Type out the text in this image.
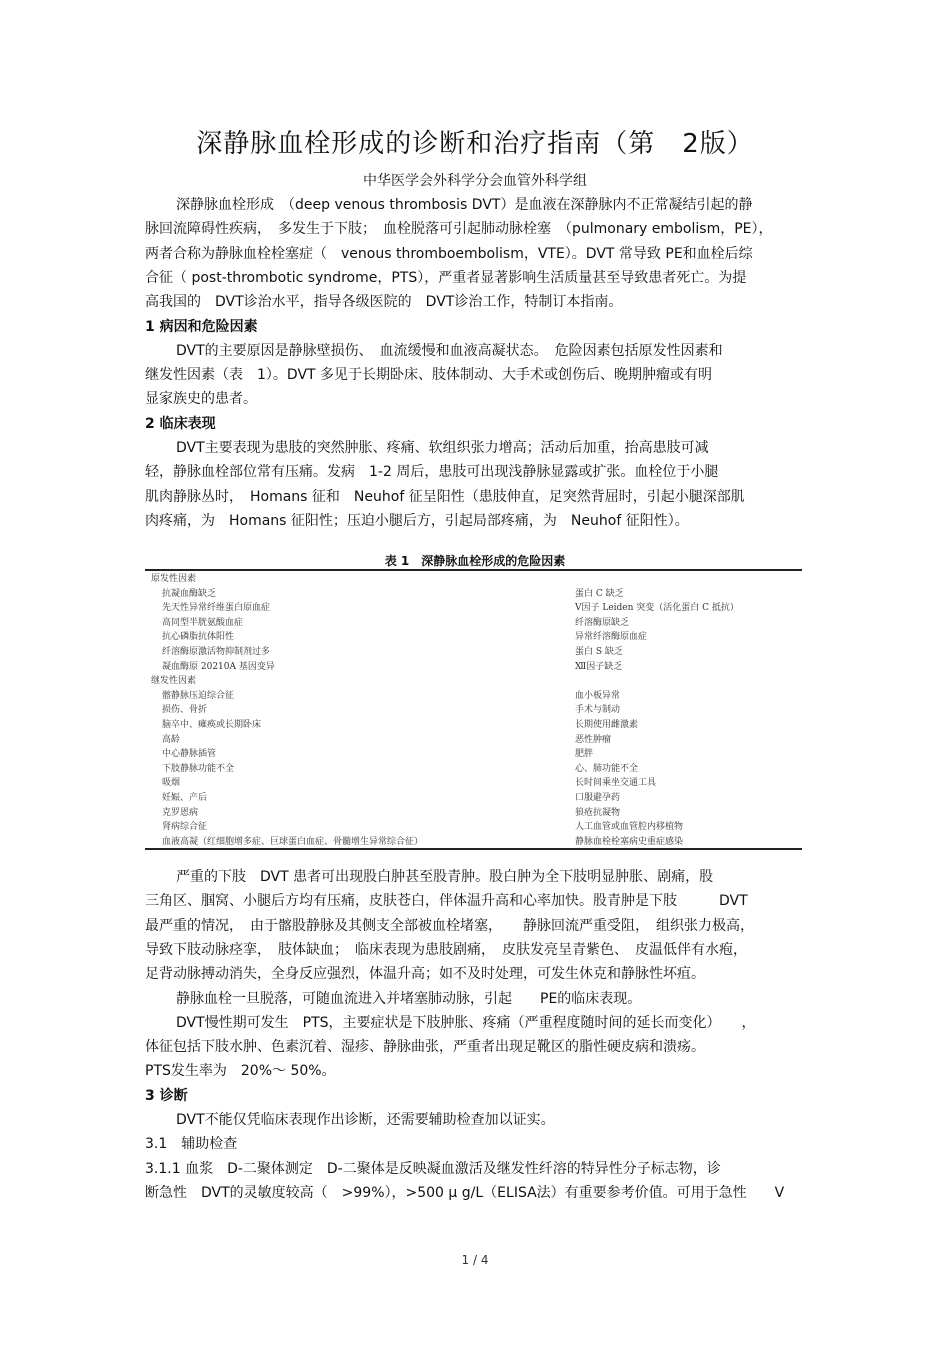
深静脉血栓形成的诊断和治疗指南（第　2版）
中华医学会外科学分会血管外科学组
深静脉血栓形成　（deep venous thrombosis DVT）是血液在深静脉内不正常凝结引起的静
脉回流障碍性疾病，　多发生于下肢；　血栓脱落可引起肺动脉栓塞　（pulmonary embolism，PE），
两者合称为静脉血栓栓塞症（　venous thromboembolism，VTE）。DVT 常导致 PE和血栓后综
合征（ post-thrombotic syndrome，PTS），严重者显著影响生活质量甚至导致患者死亡。为提
高我国的　DVT诊治水平，指导各级医院的　DVT诊治工作，特制订本指南。
1 病因和危险因素
DVT的主要原因是静脉壁损伤、　血流缓慢和血液高凝状态。　危险因素包括原发性因素和
继发性因素（表　1）。DVT 多见于长期卧床、肢体制动、大手术或创伤后、晚期肿瘤或有明
显家族史的患者。
2 临床表现
DVT主要表现为患肢的突然肿胀、疼痛、软组织张力增高；活动后加重，抬高患肢可减
轻，静脉血栓部位常有压痛。发病　1-2 周后，患肢可出现浅静脉显露或扩张。血栓位于小腿
肌肉静脉丛时，　Homans 征和　Neuhof 征呈阳性（患肢伸直，足突然背屈时，引起小腿深部肌
肉疼痛，为　Homans 征阳性；压迫小腿后方，引起局部疼痛，为　Neuhof 征阳性）。
表 1　深静脉血栓形成的危险因素
原发性因素
抗凝血酶缺乏	蛋白 C 缺乏
先天性异常纤维蛋白原血症	Ⅴ因子 Leiden 突变（活化蛋白 C 抵抗）
高同型半胱氨酸血症	纤溶酶原缺乏
抗心磷脂抗体阳性	异常纤溶酶原血症
纤溶酶原激活物抑制剂过多	蛋白 S 缺乏
凝血酶原 20210A 基因变异	Ⅻ因子缺乏
继发性因素
髂静脉压迫综合征	血小板异常
损伤、骨折	手术与制动
脑卒中、瘫痪或长期卧床	长期使用雌激素
高龄	恶性肿瘤
中心静脉插管	肥胖
下肢静脉功能不全	心、肺功能不全
吸烟	长时间乘坐交通工具
妊娠、产后	口服避孕药
克罗恩病	狼疮抗凝物
肾病综合征	人工血管或血管腔内移植物
血液高凝（红细胞增多症、巨球蛋白血症、骨髓增生异常综合征）	静脉血栓栓塞病史重症感染
严重的下肢　DVT 患者可出现股白肿甚至股青肿。股白肿为全下肢明显肿胀、剧痛，股
三角区、腘窝、小腿后方均有压痛，皮肤苍白，伴体温升高和心率加快。股青肿是下肢　　　DVT
最严重的情况，　由于髂股静脉及其侧支全部被血栓堵塞，　　静脉回流严重受阻，　组织张力极高，
导致下肢动脉痉挛，　肢体缺血；　临床表现为患肢剧痛，　皮肤发亮呈青紫色、　皮温低伴有水疱，
足背动脉搏动消失，全身反应强烈，体温升高；如不及时处理，可发生休克和静脉性坏疽。
静脉血栓一旦脱落，可随血流进入并堵塞肺动脉，引起　　PE的临床表现。
DVT慢性期可发生　PTS，主要症状是下肢肿胀、疼痛（严重程度随时间的延长而变化）　　，
体征包括下肢水肿、色素沉着、湿疹、静脉曲张，严重者出现足靴区的脂性硬皮病和溃疡。
PTS发生率为　20%～ 50%。
3 诊断
DVT不能仅凭临床表现作出诊断，还需要辅助检查加以证实。
3.1　辅助检查
3.1.1 血浆　D-二聚体测定　D-二聚体是反映凝血激活及继发性纤溶的特异性分子标志物，诊
断急性　DVT的灵敏度较高（　>99%），>500 μ g/L（ELISA法）有重要参考价值。可用于急性　　V
1 / 4
